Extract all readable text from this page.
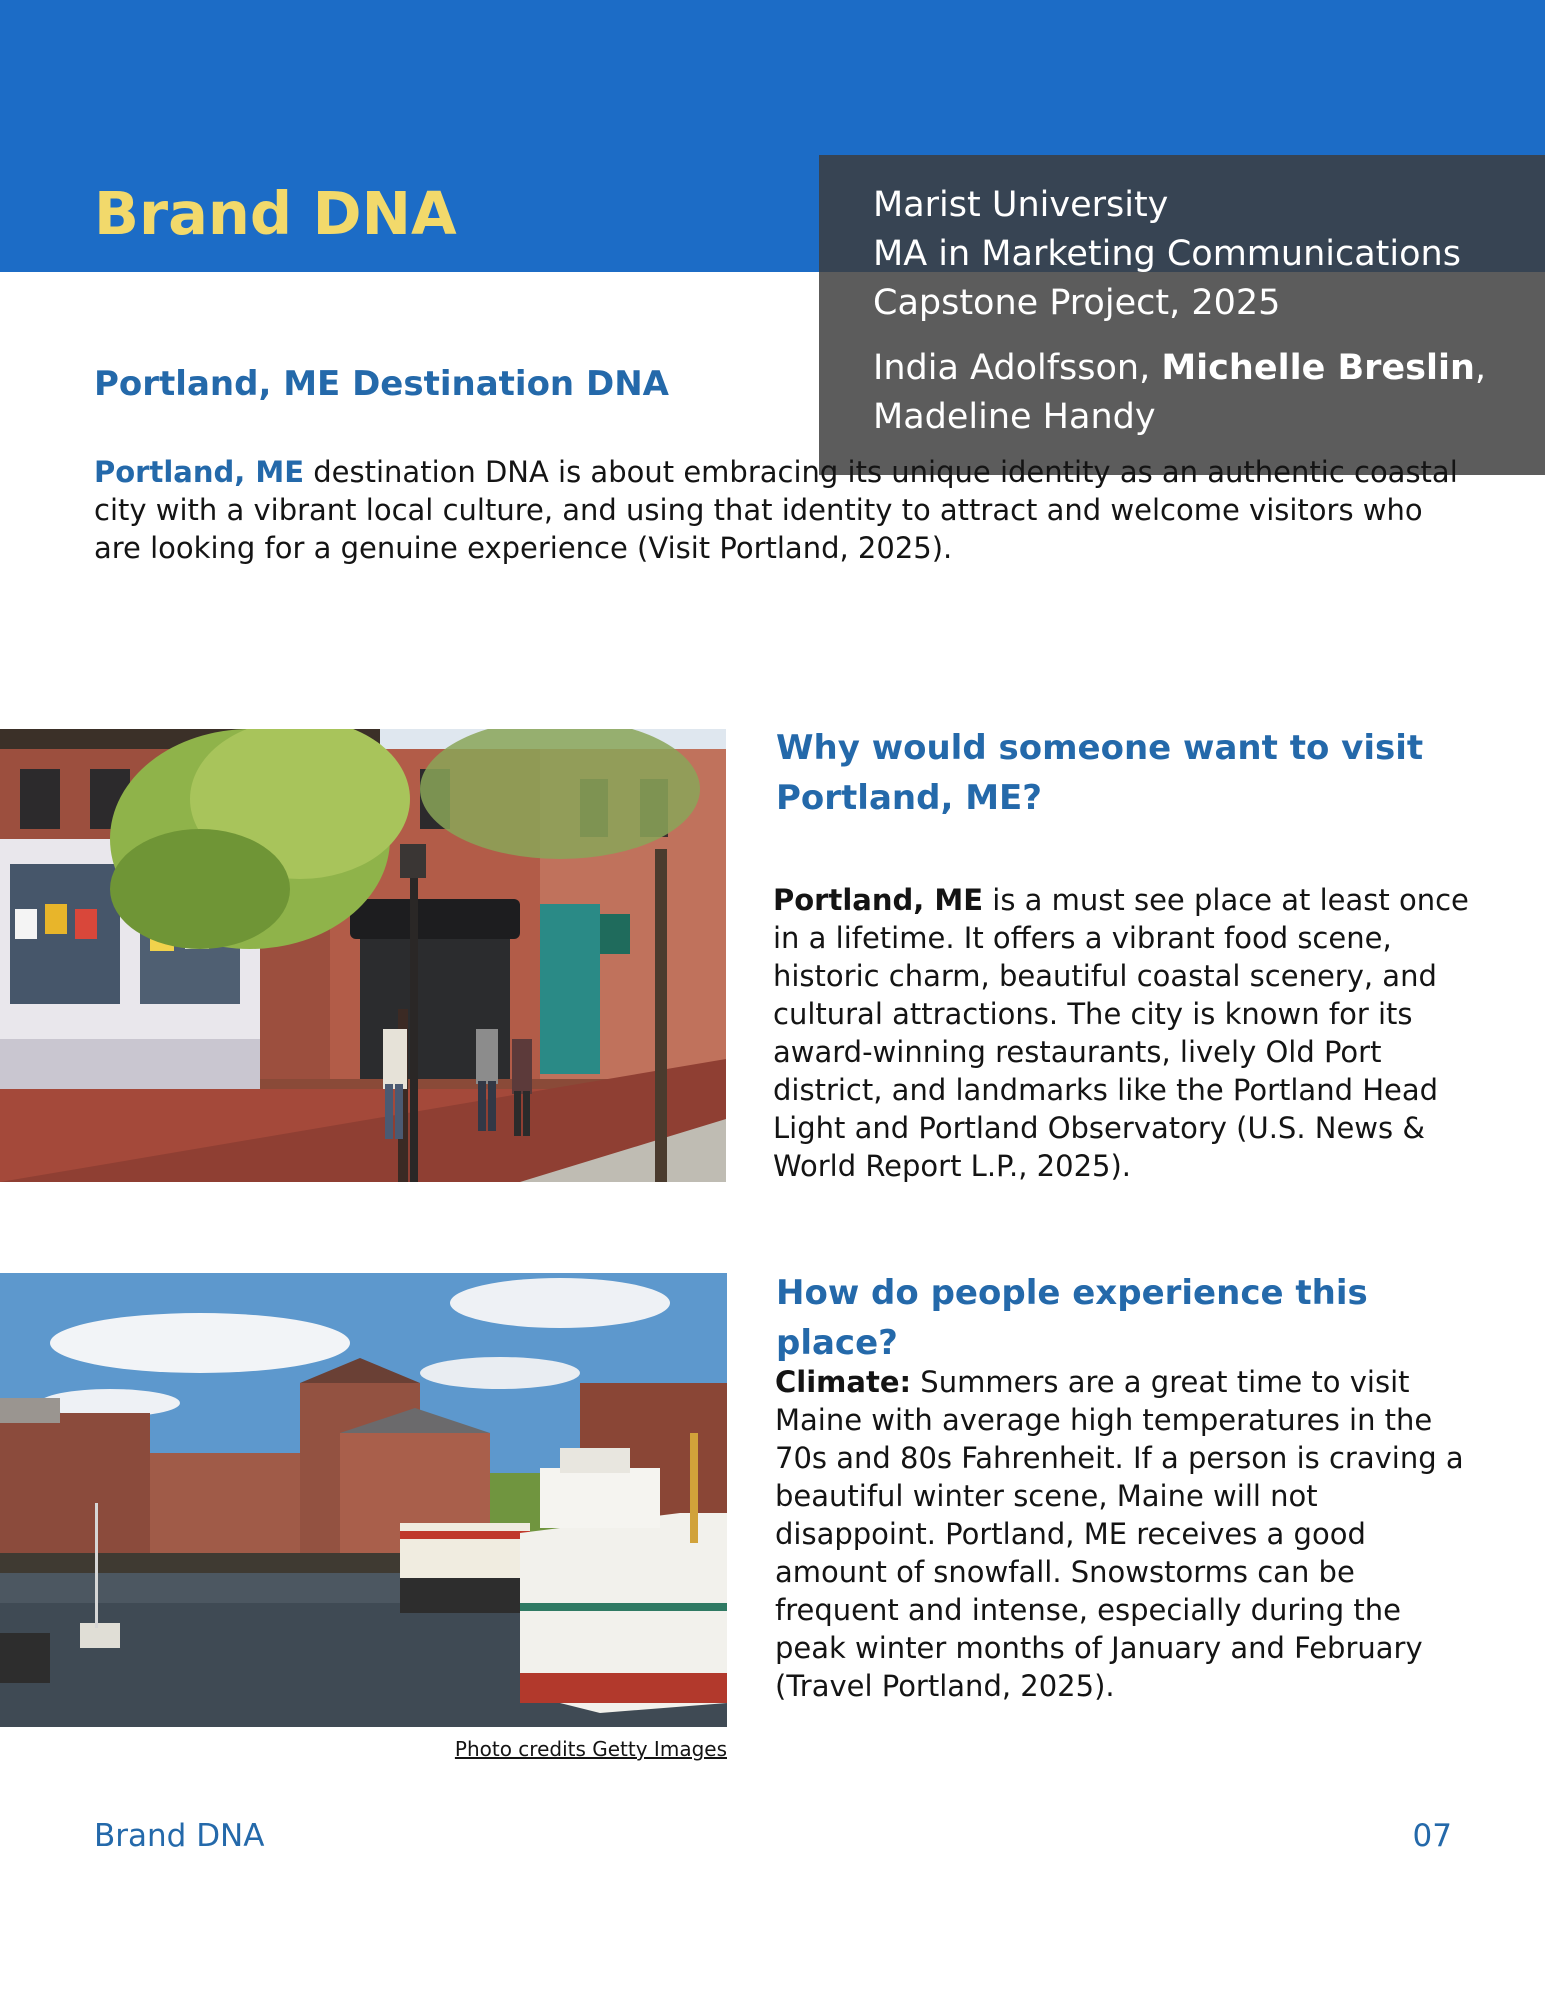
Brand DNA	Marist University
MA in Marketing Communications
Capstone Project, 2025
India Adolfsson, Michelle Breslin,
Madeline Handy
Portland, ME Destination DNA

Portland, ME destination DNA is about embracing its unique identity as an authentic coastal city with a vibrant local culture, and using that identity to attract and welcome visitors who are looking for a genuine experience (Visit Portland, 2025).

Why would someone want to visit Portland, ME?

Portland, ME is a must see place at least once in a lifetime. It offers a vibrant food scene, historic charm, beautiful coastal scenery, and cultural attractions. The city is known for its award-winning restaurants, lively Old Port district, and landmarks like the Portland Head Light and Portland Observatory (U.S. News & World Report L.P., 2025).

Photo credits Getty Images
How do people experience this place?

Climate: Summers are a great time to visit Maine with average high temperatures in the 70s and 80s Fahrenheit. If a person is craving a beautiful winter scene, Maine will not disappoint. Portland, ME receives a good amount of snowfall. Snowstorms can be frequent and intense, especially during the peak winter months of January and February (Travel Portland, 2025).

Brand DNA	07
